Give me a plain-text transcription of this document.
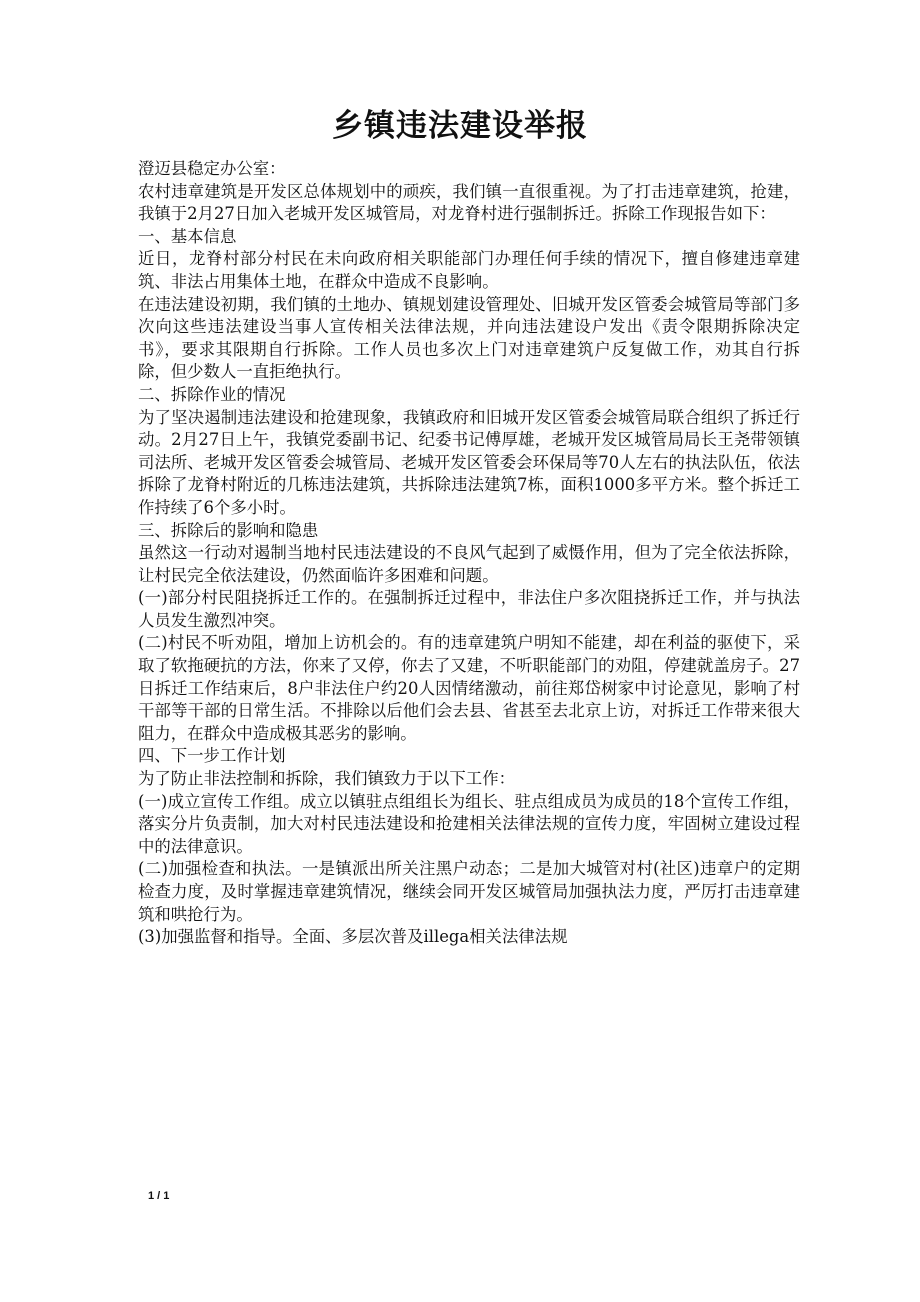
乡镇违法建设举报

澄迈县稳定办公室：

农村违章建筑是开发区总体规划中的顽疾，我们镇一直很重视。为了打击违章建筑，抢建，我镇于2月27日加入老城开发区城管局，对龙脊村进行强制拆迁。拆除工作现报告如下：

一、基本信息

近日，龙脊村部分村民在未向政府相关职能部门办理任何手续的情况下，擅自修建违章建筑、非法占用集体土地，在群众中造成不良影响。

在违法建设初期，我们镇的土地办、镇规划建设管理处、旧城开发区管委会城管局等部门多次向这些违法建设当事人宣传相关法律法规，并向违法建设户发出《责令限期拆除决定书》，要求其限期自行拆除。工作人员也多次上门对违章建筑户反复做工作，劝其自行拆除，但少数人一直拒绝执行。

二、拆除作业的情况

为了坚决遏制违法建设和抢建现象，我镇政府和旧城开发区管委会城管局联合组织了拆迁行动。2月27日上午，我镇党委副书记、纪委书记傅厚雄，老城开发区城管局局长王尧带领镇司法所、老城开发区管委会城管局、老城开发区管委会环保局等70人左右的执法队伍，依法拆除了龙脊村附近的几栋违法建筑，共拆除违法建筑7栋，面积1000多平方米。整个拆迁工作持续了6个多小时。

三、拆除后的影响和隐患

虽然这一行动对遏制当地村民违法建设的不良风气起到了威慑作用，但为了完全依法拆除，让村民完全依法建设，仍然面临许多困难和问题。

(一)部分村民阻挠拆迁工作的。在强制拆迁过程中，非法住户多次阻挠拆迁工作，并与执法人员发生激烈冲突。

(二)村民不听劝阻，增加上访机会的。有的违章建筑户明知不能建，却在利益的驱使下，采取了软拖硬抗的方法，你来了又停，你去了又建，不听职能部门的劝阻，停建就盖房子。27日拆迁工作结束后，8户非法住户约20人因情绪激动，前往郑岱树家中讨论意见，影响了村干部等干部的日常生活。不排除以后他们会去县、省甚至去北京上访，对拆迁工作带来很大阻力，在群众中造成极其恶劣的影响。

四、下一步工作计划

为了防止非法控制和拆除，我们镇致力于以下工作：

(一)成立宣传工作组。成立以镇驻点组组长为组长、驻点组成员为成员的18个宣传工作组，落实分片负责制，加大对村民违法建设和抢建相关法律法规的宣传力度，牢固树立建设过程中的法律意识。

(二)加强检查和执法。一是镇派出所关注黑户动态；二是加大城管对村(社区)违章户的定期检查力度，及时掌握违章建筑情况，继续会同开发区城管局加强执法力度，严厉打击违章建筑和哄抢行为。

(3)加强监督和指导。全面、多层次普及illega相关法律法规

1 / 1
